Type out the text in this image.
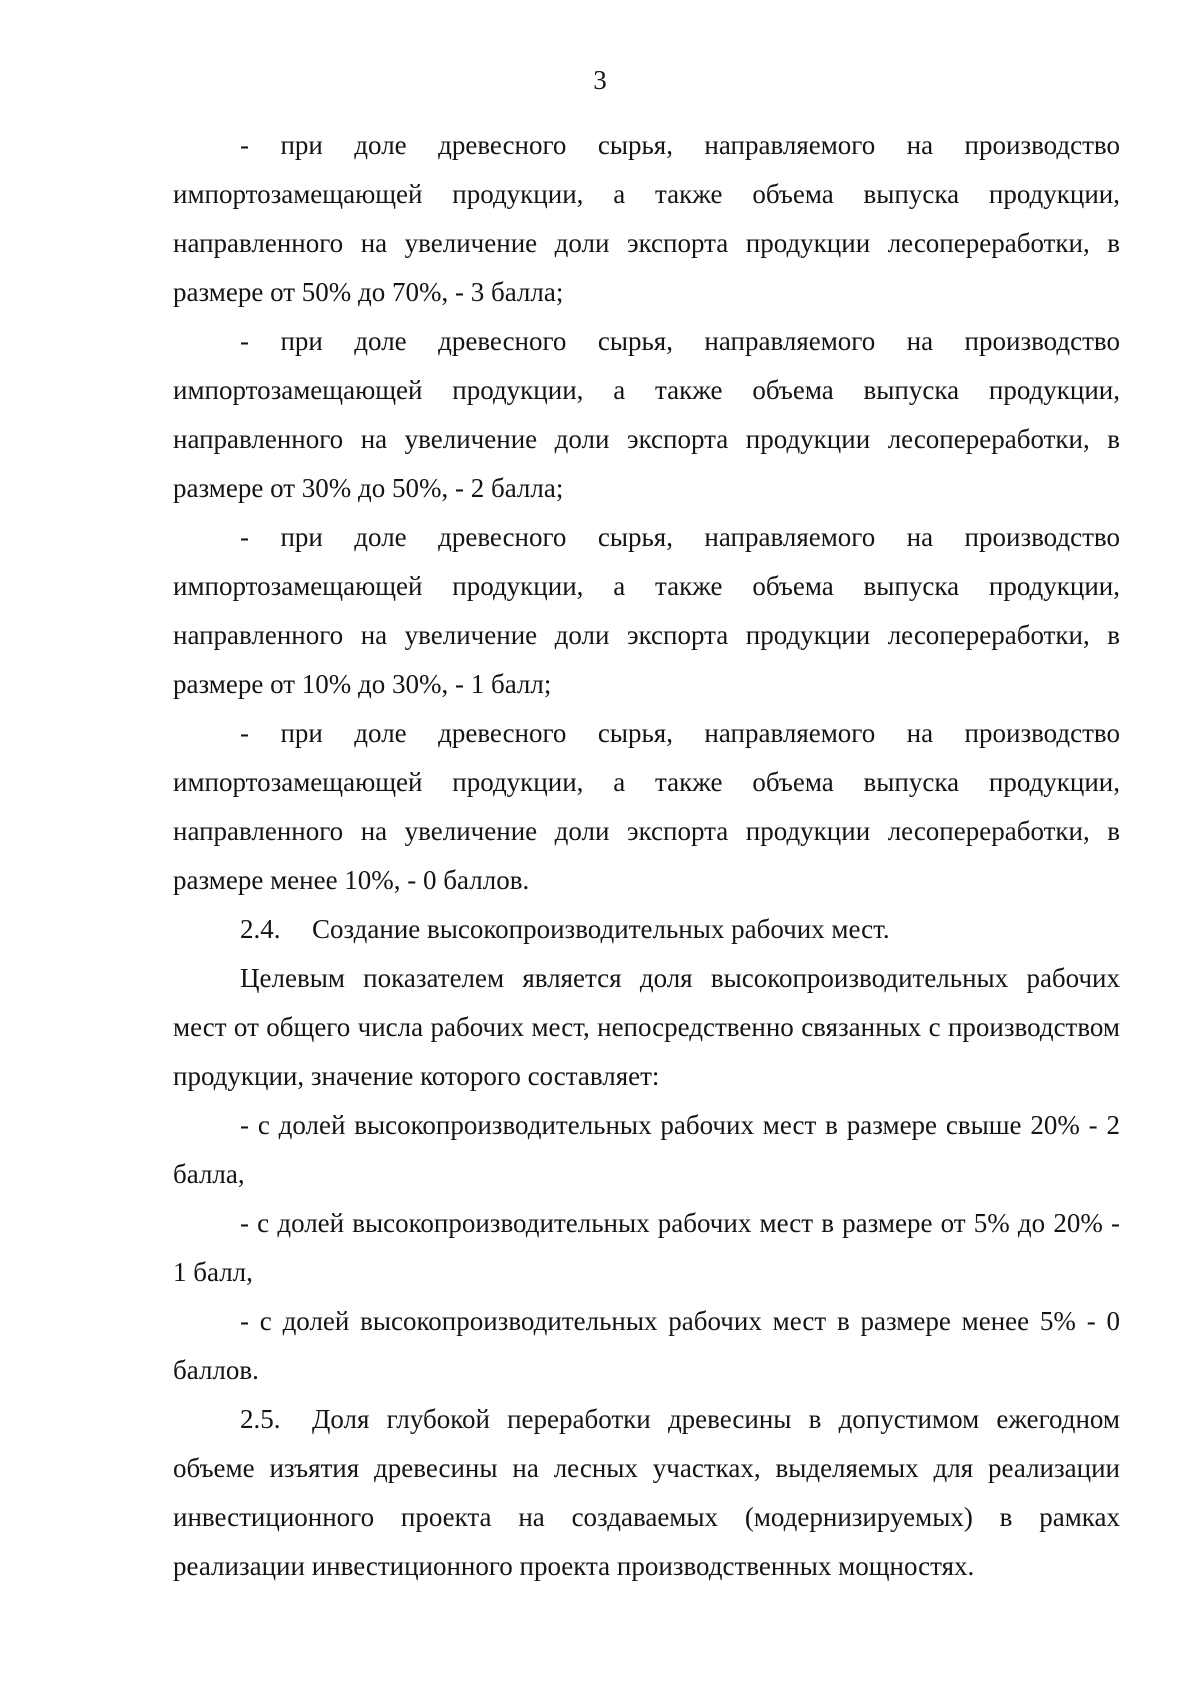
3

- при доле древесного сырья, направляемого на производство импортозамещающей продукции, а также объема выпуска продукции, направленного на увеличение доли экспорта продукции лесопереработки, в размере от 50% до 70%, - 3 балла;

- при доле древесного сырья, направляемого на производство импортозамещающей продукции, а также объема выпуска продукции, направленного на увеличение доли экспорта продукции лесопереработки, в размере от 30% до 50%, - 2 балла;

- при доле древесного сырья, направляемого на производство импортозамещающей продукции, а также объема выпуска продукции, направленного на увеличение доли экспорта продукции лесопереработки, в размере от 10% до 30%, - 1 балл;

- при доле древесного сырья, направляемого на производство импортозамещающей продукции, а также объема выпуска продукции, направленного на увеличение доли экспорта продукции лесопереработки, в размере менее 10%, - 0 баллов.

2.4. Создание высокопроизводительных рабочих мест.

Целевым показателем является доля высокопроизводительных рабочих мест от общего числа рабочих мест, непосредственно связанных с производством продукции, значение которого составляет:

- с долей высокопроизводительных рабочих мест в размере свыше 20% - 2 балла,

- с долей высокопроизводительных рабочих мест в размере от 5% до 20% - 1 балл,

- с долей высокопроизводительных рабочих мест в размере менее 5% - 0 баллов.

2.5. Доля глубокой переработки древесины в допустимом ежегодном объеме изъятия древесины на лесных участках, выделяемых для реализации инвестиционного проекта на создаваемых (модернизируемых) в рамках реализации инвестиционного проекта производственных мощностях.
